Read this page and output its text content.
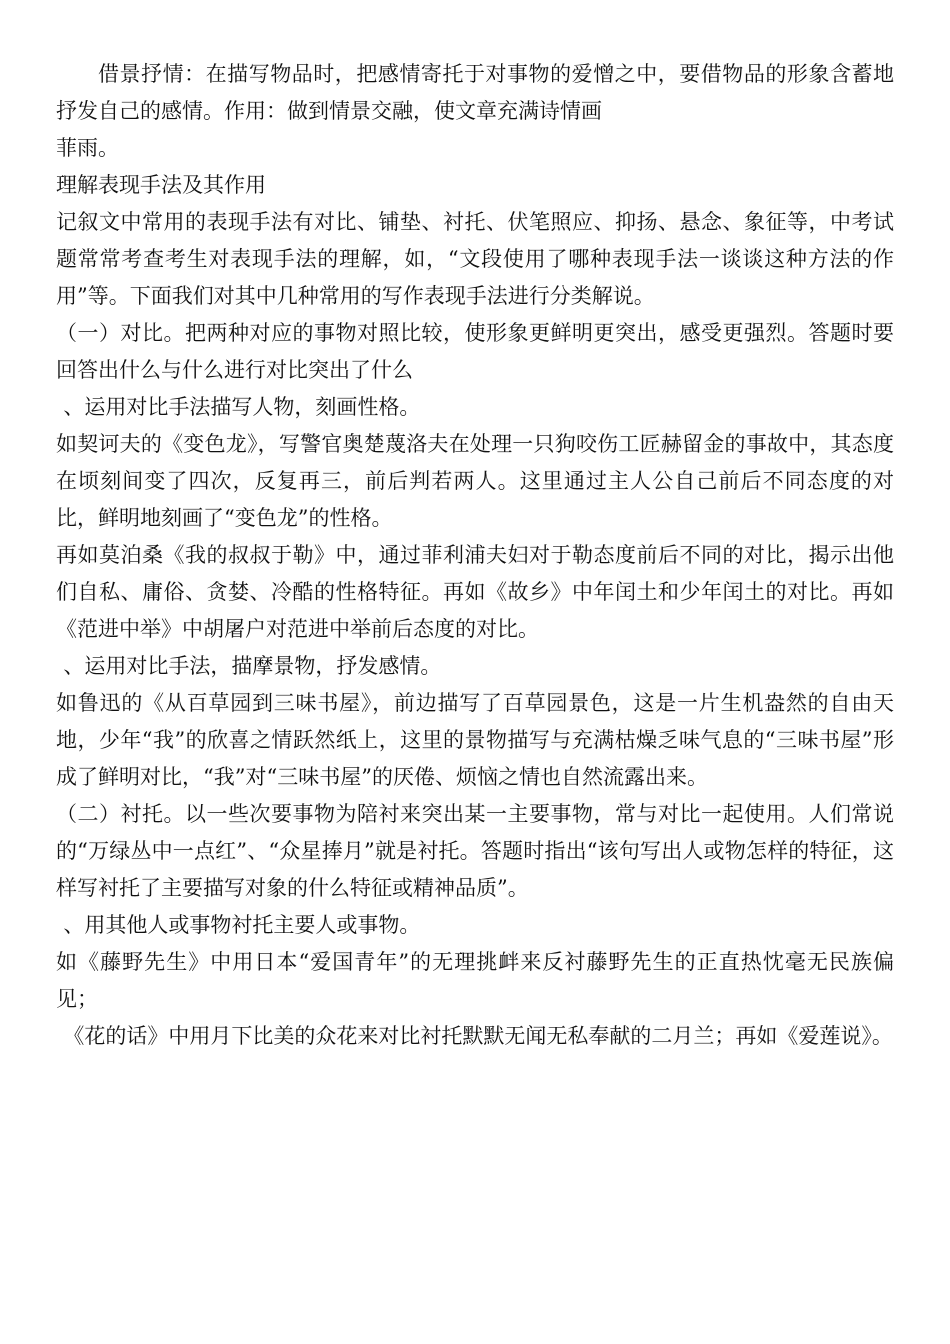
借景抒情：在描写物品时，把感情寄托于对事物的爱憎之中，要借物品的形象含蓄地抒发自己的感情。作用：做到情景交融，使文章充满诗情画

菲雨。

理解表现手法及其作用

记叙文中常用的表现手法有对比、铺垫、衬托、伏笔照应、抑扬、悬念、象征等，中考试题常常考查考生对表现手法的理解，如，“文段使用了哪种表现手法一谈谈这种方法的作用”等。下面我们对其中几种常用的写作表现手法进行分类解说。

（一）对比。把两种对应的事物对照比较，使形象更鲜明更突出，感受更强烈。答题时要回答出什么与什么进行对比突出了什么

、运用对比手法描写人物，刻画性格。

如契诃夫的《变色龙》，写警官奥楚蔑洛夫在处理一只狗咬伤工匠赫留金的事故中，其态度在顷刻间变了四次，反复再三，前后判若两人。这里通过主人公自己前后不同态度的对比，鲜明地刻画了“变色龙”的性格。

再如莫泊桑《我的叔叔于勒》中，通过菲利浦夫妇对于勒态度前后不同的对比，揭示出他们自私、庸俗、贪婪、冷酷的性格特征。再如《故乡》中年闰土和少年闰土的对比。再如《范进中举》中胡屠户对范进中举前后态度的对比。

、运用对比手法，描摩景物，抒发感情。

如鲁迅的《从百草园到三味书屋》，前边描写了百草园景色，这是一片生机盎然的自由天地，少年“我”的欣喜之情跃然纸上，这里的景物描写与充满枯燥乏味气息的“三味书屋”形成了鲜明对比，“我”对“三味书屋”的厌倦、烦恼之情也自然流露出来。

（二）衬托。以一些次要事物为陪衬来突出某一主要事物，常与对比一起使用。人们常说的“万绿丛中一点红”、“众星捧月”就是衬托。答题时指出“该句写出人或物怎样的特征，这样写衬托了主要描写对象的什么特征或精神品质”。

、用其他人或事物衬托主要人或事物。

如《藤野先生》中用日本“爱国青年”的无理挑衅来反衬藤野先生的正直热忱毫无民族偏见；

《花的话》中用月下比美的众花来对比衬托默默无闻无私奉献的二月兰；再如《爱莲说》。
